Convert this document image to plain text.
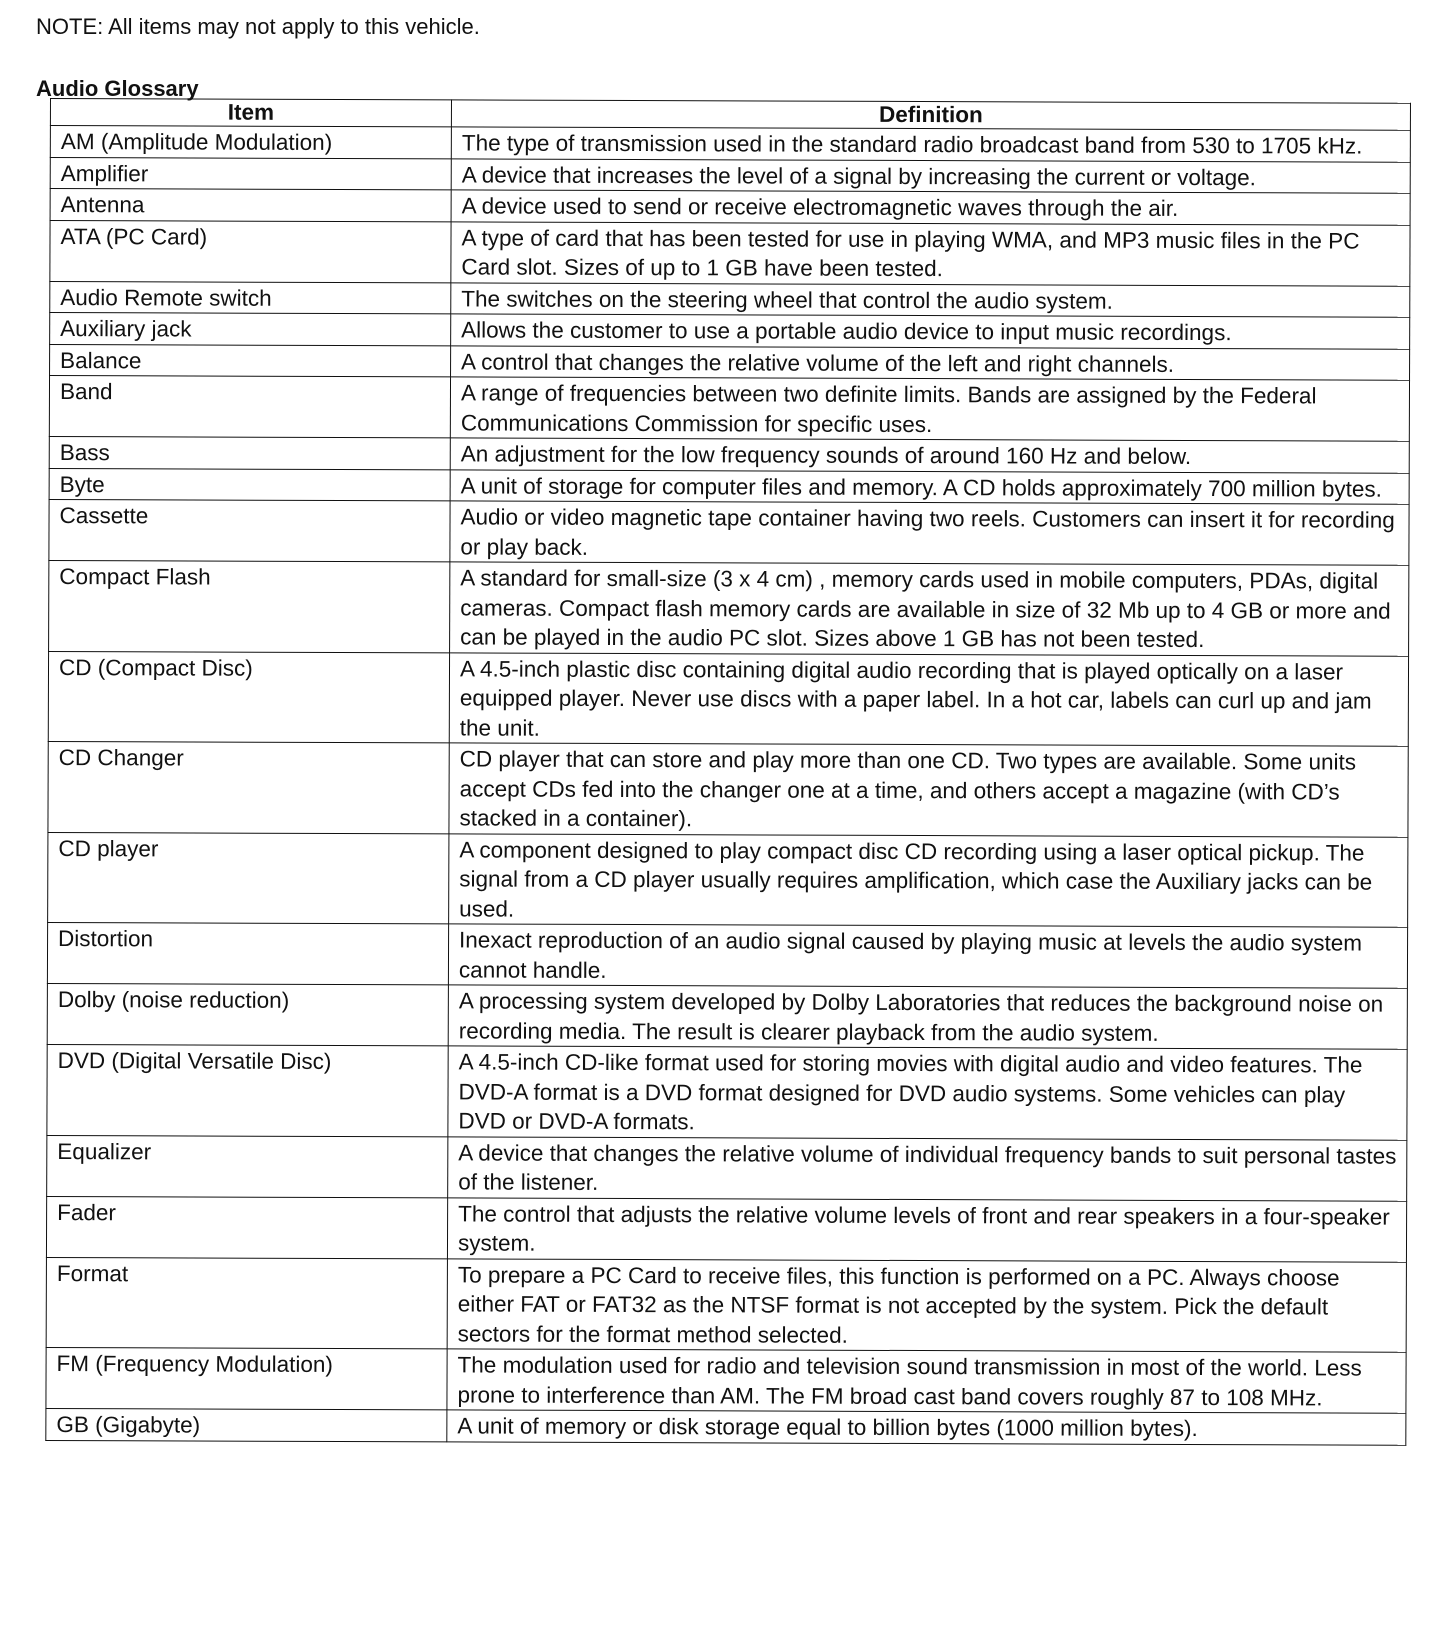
NOTE: All items may not apply to this vehicle.
Audio Glossary
Item	Definition
AM (Amplitude Modulation)	The type of transmission used in the standard radio broadcast band from 530 to 1705 kHz.
Amplifier	A device that increases the level of a signal by increasing the current or voltage.
Antenna	A device used to send or receive electromagnetic waves through the air.
ATA (PC Card)	A type of card that has been tested for use in playing WMA, and MP3 music files in the PC Card slot. Sizes of up to 1 GB have been tested.
Audio Remote switch	The switches on the steering wheel that control the audio system.
Auxiliary jack	Allows the customer to use a portable audio device to input music recordings.
Balance	A control that changes the relative volume of the left and right channels.
Band	A range of frequencies between two definite limits. Bands are assigned by the Federal Communications Commission for specific uses.
Bass	An adjustment for the low frequency sounds of around 160 Hz and below.
Byte	A unit of storage for computer files and memory. A CD holds approximately 700 million bytes.
Cassette	Audio or video magnetic tape container having two reels. Customers can insert it for recording or play back.
Compact Flash	A standard for small-size (3 x 4 cm) , memory cards used in mobile computers, PDAs, digital cameras. Compact flash memory cards are available in size of 32 Mb up to 4 GB or more and can be played in the audio PC slot. Sizes above 1 GB has not been tested.
CD (Compact Disc)	A 4.5-inch plastic disc containing digital audio recording that is played optically on a laser equipped player. Never use discs with a paper label. In a hot car, labels can curl up and jam the unit.
CD Changer	CD player that can store and play more than one CD. Two types are available. Some units accept CDs fed into the changer one at a time, and others accept a magazine (with CD’s stacked in a container).
CD player	A component designed to play compact disc CD recording using a laser optical pickup. The signal from a CD player usually requires amplification, which case the Auxiliary jacks can be used.
Distortion	Inexact reproduction of an audio signal caused by playing music at levels the audio system cannot handle.
Dolby (noise reduction)	A processing system developed by Dolby Laboratories that reduces the background noise on recording media. The result is clearer playback from the audio system.
DVD (Digital Versatile Disc)	A 4.5-inch CD-like format used for storing movies with digital audio and video features. The DVD-A format is a DVD format designed for DVD audio systems. Some vehicles can play DVD or DVD-A formats.
Equalizer	A device that changes the relative volume of individual frequency bands to suit personal tastes of the listener.
Fader	The control that adjusts the relative volume levels of front and rear speakers in a four-speaker system.
Format	To prepare a PC Card to receive files, this function is performed on a PC. Always choose either FAT or FAT32 as the NTSF format is not accepted by the system. Pick the default sectors for the format method selected.
FM (Frequency Modulation)	The modulation used for radio and television sound transmission in most of the world. Less prone to interference than AM. The FM broad cast band covers roughly 87 to 108 MHz.
GB (Gigabyte)	A unit of memory or disk storage equal to billion bytes (1000 million bytes).
